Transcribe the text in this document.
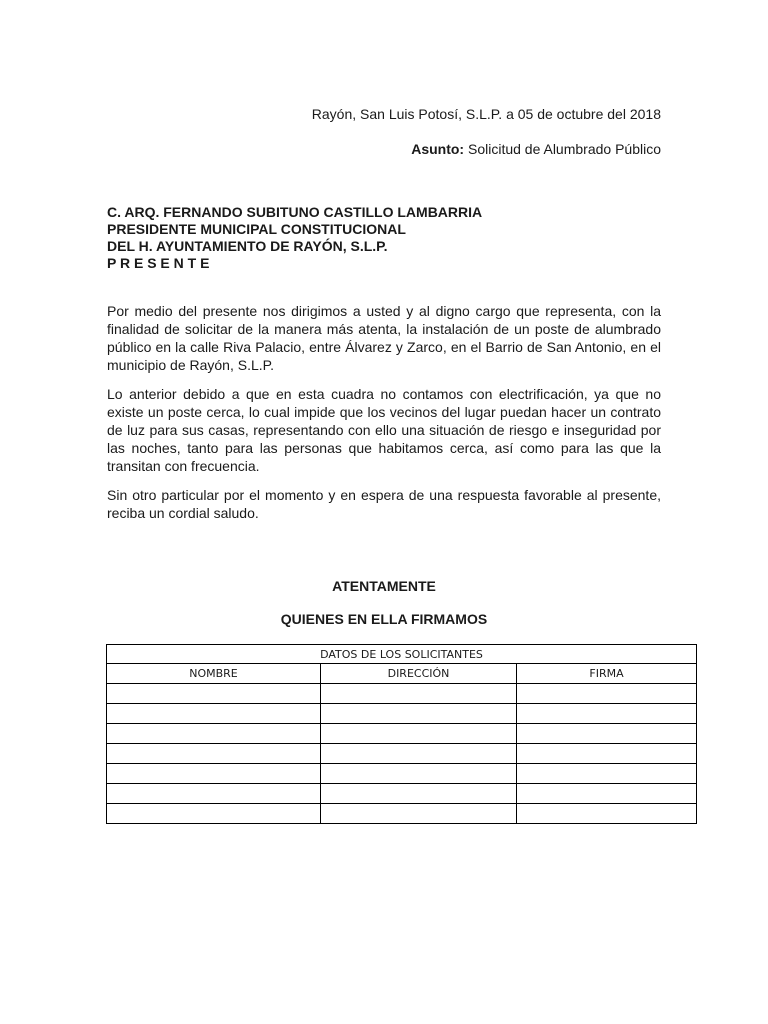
Rayón, San Luis Potosí, S.L.P. a 05 de octubre del 2018
Asunto: Solicitud de Alumbrado Público
C. ARQ. FERNANDO SUBITUNO CASTILLO LAMBARRIA
PRESIDENTE MUNICIPAL CONSTITUCIONAL
DEL H. AYUNTAMIENTO DE RAYÓN, S.L.P.
P R E S E N T E

Por medio del presente nos dirigimos a usted y al digno cargo que representa, con la finalidad de solicitar de la manera más atenta, la instalación de un poste de alumbrado público en la calle Riva Palacio, entre Álvarez y Zarco, en el Barrio de San Antonio, en el municipio de Rayón, S.L.P.

Lo anterior debido a que en esta cuadra no contamos con electrificación, ya que no existe un poste cerca, lo cual impide que los vecinos del lugar puedan hacer un contrato de luz para sus casas, representando con ello una situación de riesgo e inseguridad por las noches, tanto para las personas que habitamos cerca, así como para las que la transitan con frecuencia.

Sin otro particular por el momento y en espera de una respuesta favorable al presente, reciba un cordial saludo.

ATENTAMENTE
QUIENES EN ELLA FIRMAMOS
DATOS DE LOS SOLICITANTES		
NOMBRE	DIRECCIÓN	FIRMA
